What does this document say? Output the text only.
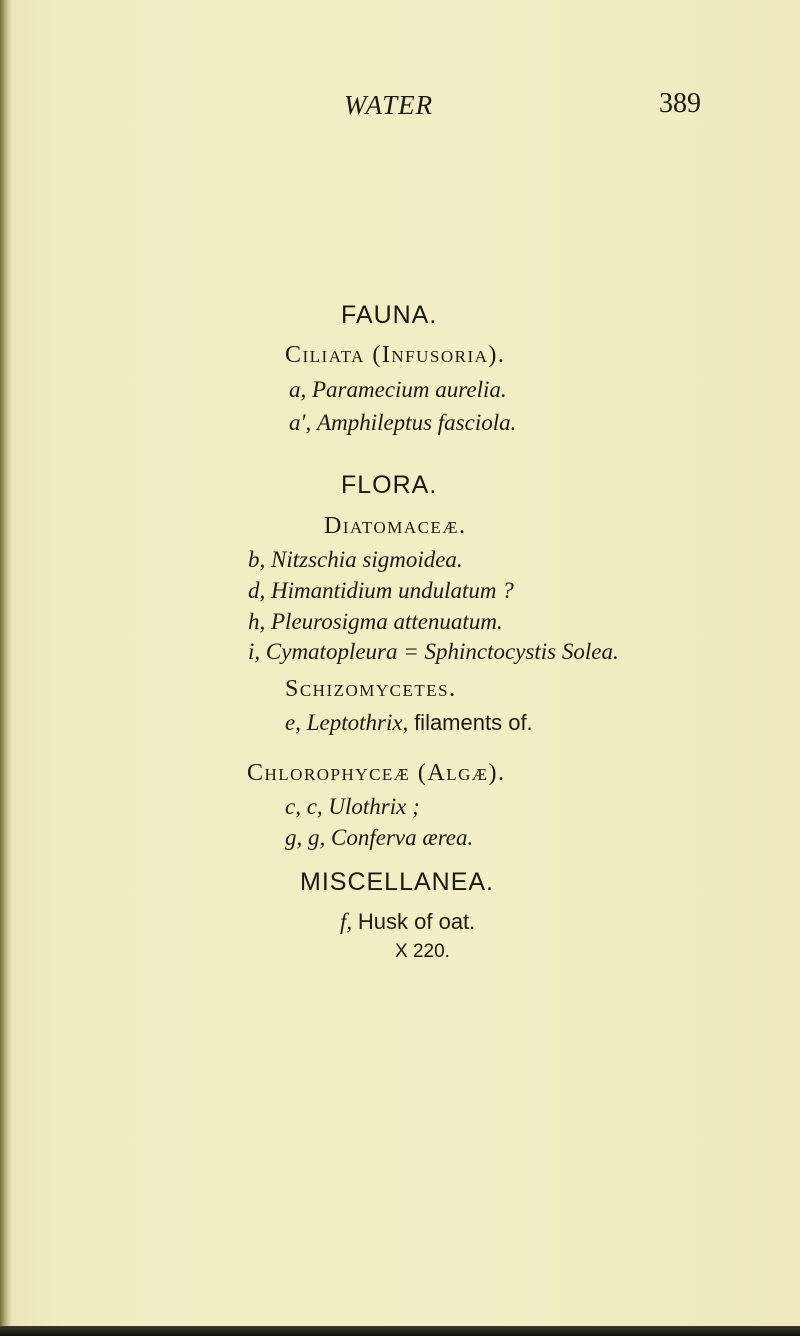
WATER	389
FAUNA.
Ciliata (Infusoria).
a, Paramecium aurelia.
a′, Amphileptus fasciola.
FLORA.
Diatomaceæ.
b, Nitzschia sigmoidea.
d, Himantidium undulatum ?
h, Pleurosigma attenuatum.
i, Cymatopleura = Sphinctocystis Solea.
Schizomycetes.
e, Leptothrix, filaments of.
Chlorophyceæ (Algæ).
c, c, Ulothrix ;
g, g, Conferva ærea.
MISCELLANEA.
f, Husk of oat.
X 220.
